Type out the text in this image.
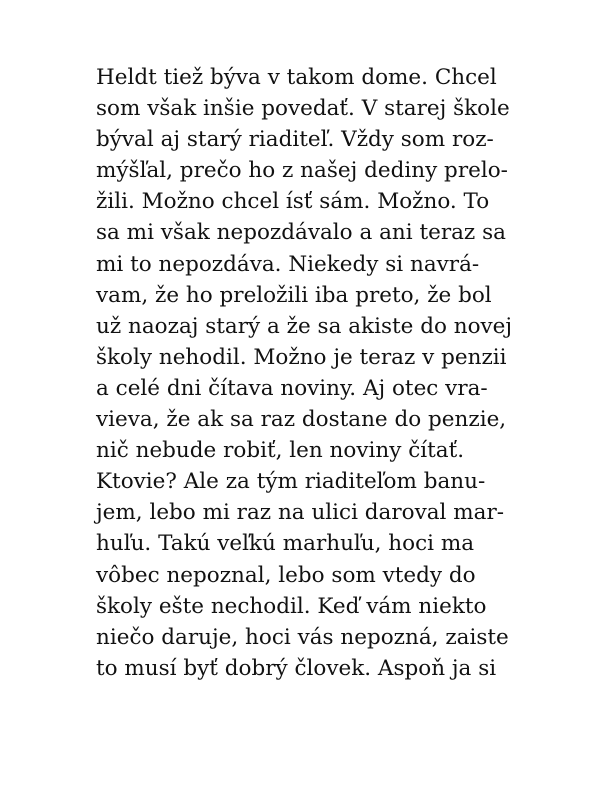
Heldt tiež býva v takom dome. Chcel
som však inšie povedať. V starej škole
býval aj starý riaditeľ. Vždy som roz-
mýšľal, prečo ho z našej dediny prelo-
žili. Možno chcel ísť sám. Možno. To
sa mi však nepozdávalo a ani teraz sa
mi to nepozdáva. Niekedy si navrá-
vam, že ho preložili iba preto, že bol
už naozaj starý a že sa akiste do novej
školy nehodil. Možno je teraz v penzii
a celé dni čítava noviny. Aj otec vra-
vieva, že ak sa raz dostane do penzie,
nič nebude robiť, len noviny čítať.
Ktovie? Ale za tým riaditeľom banu-
jem, lebo mi raz na ulici daroval mar-
huľu. Takú veľkú marhuľu, hoci ma
vôbec nepoznal, lebo som vtedy do
školy ešte nechodil. Keď vám niekto
niečo daruje, hoci vás nepozná, zaiste
to musí byť dobrý človek. Aspoň ja si
